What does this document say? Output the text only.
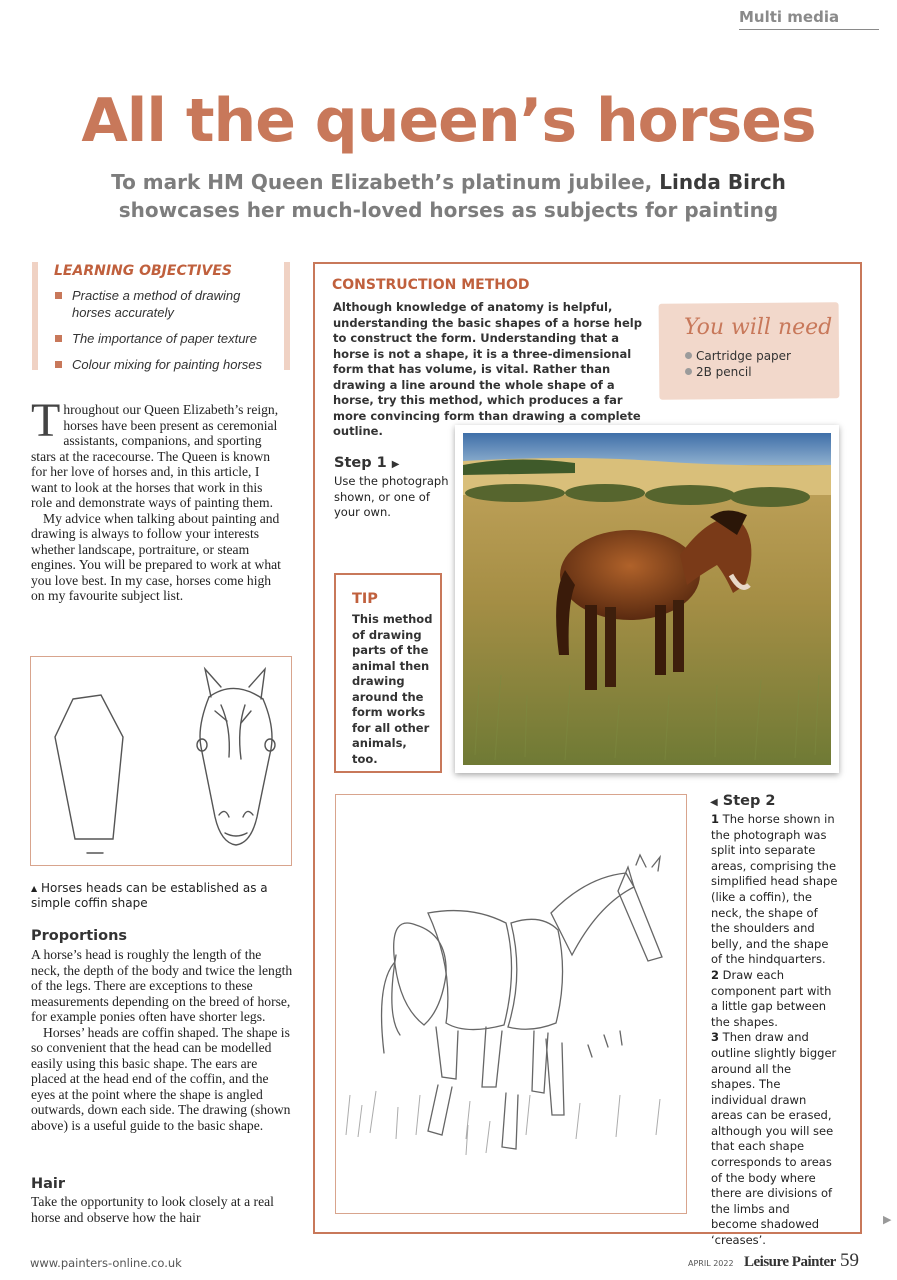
Multi media
All the queen’s horses
To mark HM Queen Elizabeth’s platinum jubilee, Linda Birch
showcases her much-loved horses as subjects for painting
LEARNING OBJECTIVES
Practise a method of drawing horses accurately
The importance of paper texture
Colour mixing for painting horses

Throughout our Queen Elizabeth’s reign, horses have been present as ceremonial assistants, companions, and sporting stars at the racecourse. The Queen is known for her love of horses and, in this article, I want to look at the horses that work in this role and demonstrate ways of painting them.

My advice when talking about painting and drawing is always to follow your interests whether landscape, portraiture, or steam engines. You will be prepared to work at what you love best. In my case, horses come high on my favourite subject list.

▲ Horses heads can be established as a simple coffin shape
Proportions

A horse’s head is roughly the length of the neck, the depth of the body and twice the length of the legs. There are exceptions to these measurements depending on the breed of horse, for example ponies often have shorter legs.

Horses’ heads are coffin shaped. The shape is so convenient that the head can be modelled easily using this basic shape. The ears are placed at the head end of the coffin, and the eyes at the point where the shape is angled outwards, down each side. The drawing (shown above) is a useful guide to the basic shape.

Hair
Take the opportunity to look closely at a real horse and observe how the hair
CONSTRUCTION METHOD
Although knowledge of anatomy is helpful, understanding the basic shapes of a horse help to construct the form. Understanding that a horse is not a shape, it is a three-dimensional form that has volume, is vital. Rather than drawing a line around the whole shape of a horse, try this method, which produces a far more convincing form than drawing a complete outline.
You will need
Cartridge paper
2B pencil
Step 1 ▶
Use the photograph shown, or one of your own.
TIP
This method of drawing parts of the animal then drawing around the form works for all other animals, too.
◀ Step 2

1 The horse shown in the photograph was split into separate areas, comprising the simplified head shape (like a coffin), the neck, the shape of the shoulders and belly, and the shape of the hindquarters.

2 Draw each component part with a little gap between the shapes.

3 Then draw and outline slightly bigger around all the shapes. The individual drawn areas can be erased, although you will see that each shape corresponds to areas of the body where there are divisions of the limbs and become shadowed ‘creases’.

www.painters-online.co.uk	APRIL 2022 Leisure Painter 59
▶
